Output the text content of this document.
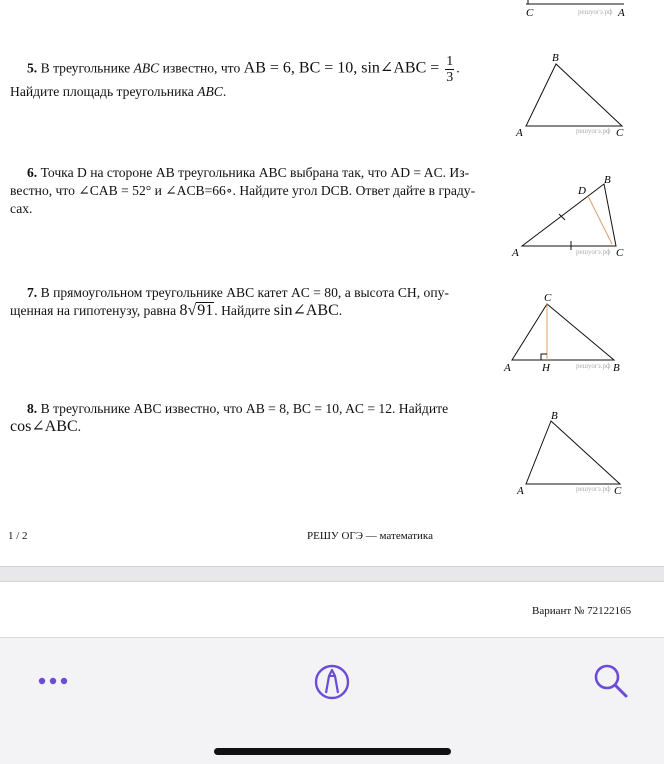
C	A
решуогэ.рф
5. В треугольнике ABC известно, что AB = 6, BC = 10, sin∠ABC = $\frac{1}{3}$ .
Найдите площадь треугольника ABC.
B
A	C
решуогэ.рф
6. Точка D на стороне AB треугольника ABC выбрана так, что AD = AC. Из-
вестно, что ∠CAB = 52° и ∠ACB=66∘. Найдите угол DCB. Ответ дайте в граду-
сах.
D
B
A	C
решуогэ.рф
7. В прямоугольном треугольнике ABC катет AC = 80, а высота CH, опу-
щенная на гипотенузу, равна 8√91. Найдите sin∠ABC.
C
A	H	B
решуогэ.рф
8. В треугольнике ABC известно, что AB = 8, BC = 10, AC = 12. Найдите
cos∠ABC.
B
A	C
решуогэ.рф
1 / 2	РЕШУ ОГЭ — математика
Вариант № 72122165
